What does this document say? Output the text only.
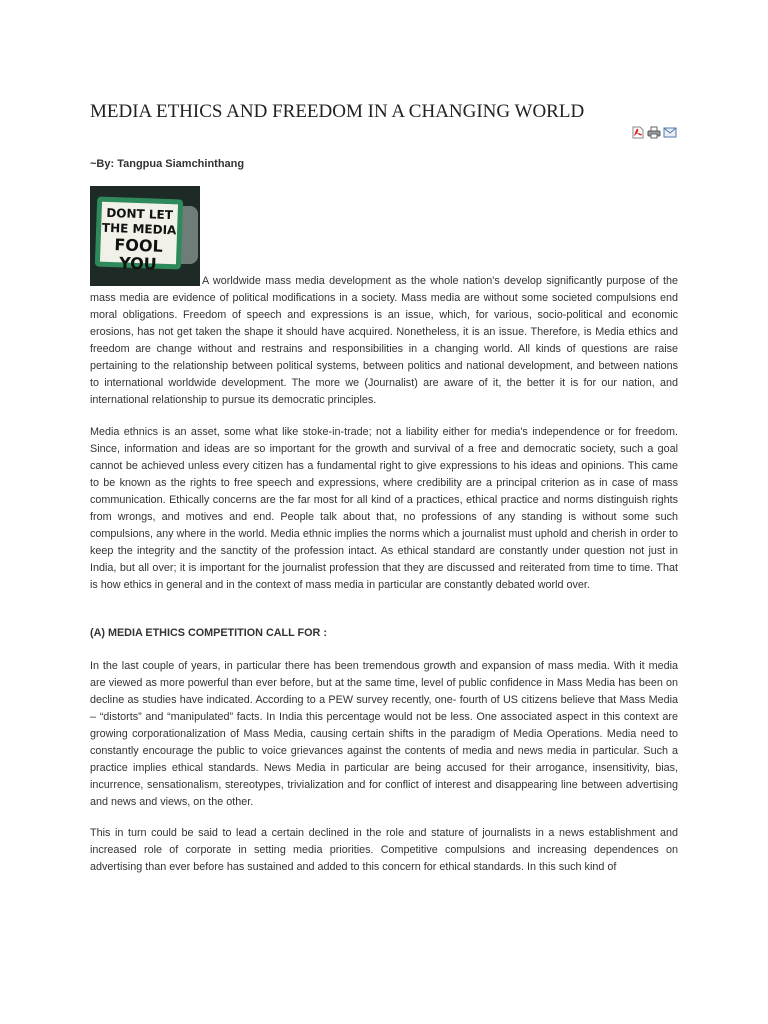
MEDIA ETHICS AND FREEDOM IN A CHANGING WORLD

~By: Tangpua Siamchinthang

DONT LET
THE MEDIA
FOOL YOU

A worldwide mass media development as the whole nation's develop significantly purpose of the mass media are evidence of political modifications in a society. Mass media are without some societed compulsions end moral obligations. Freedom of speech and expressions is an issue, which, for various, socio-political and economic erosions, has not get taken the shape it should have acquired. Nonetheless, it is an issue. Therefore, is Media ethics and freedom are change without and restrains and responsibilities in a changing world. All kinds of questions are raise pertaining to the relationship between political systems, between politics and national development, and between nations to international worldwide development. The more we (Journalist) are aware of it, the better it is for our nation, and international relationship to pursue its democratic principles.

Media ethnics is an asset, some what like stoke-in-trade; not a liability either for media's independence or for freedom. Since, information and ideas are so important for the growth and survival of a free and democratic society, such a goal cannot be achieved unless every citizen has a fundamental right to give expressions to his ideas and opinions. This came to be known as the rights to free speech and expressions, where credibility are a principal criterion as in case of mass communication. Ethically concerns are the far most for all kind of a practices, ethical practice and norms distinguish rights from wrongs, and motives and end. People talk about that, no professions of any standing is without some such compulsions, any where in the world. Media ethnic implies the norms which a journalist must uphold and cherish in order to keep the integrity and the sanctity of the profession intact. As ethical standard are constantly under question not just in India, but all over; it is important for the journalist profession that they are discussed and reiterated from time to time. That is how ethics in general and in the context of mass media in particular are constantly debated world over.

(A) MEDIA ETHICS COMPETITION CALL FOR :

In the last couple of years, in particular there has been tremendous growth and expansion of mass media. With it media are viewed as more powerful than ever before, but at the same time, level of public confidence in Mass Media has been on decline as studies have indicated. According to a PEW survey recently, one- fourth of US citizens believe that Mass Media – “distorts” and “manipulated” facts. In India this percentage would not be less. One associated aspect in this context are growing corporationalization of Mass Media, causing certain shifts in the paradigm of Media Operations. Media need to constantly encourage the public to voice grievances against the contents of media and news media in particular. Such a practice implies ethical standards. News Media in particular are being accused for their arrogance, insensitivity, bias, incurrence, sensationalism, stereotypes, trivialization and for conflict of interest and disappearing line between advertising and news and views, on the other.

This in turn could be said to lead a certain declined in the role and stature of journalists in a news establishment and increased role of corporate in setting media priorities. Competitive compulsions and increasing dependences on advertising than ever before has sustained and added to this concern for ethical standards. In this such kind of
